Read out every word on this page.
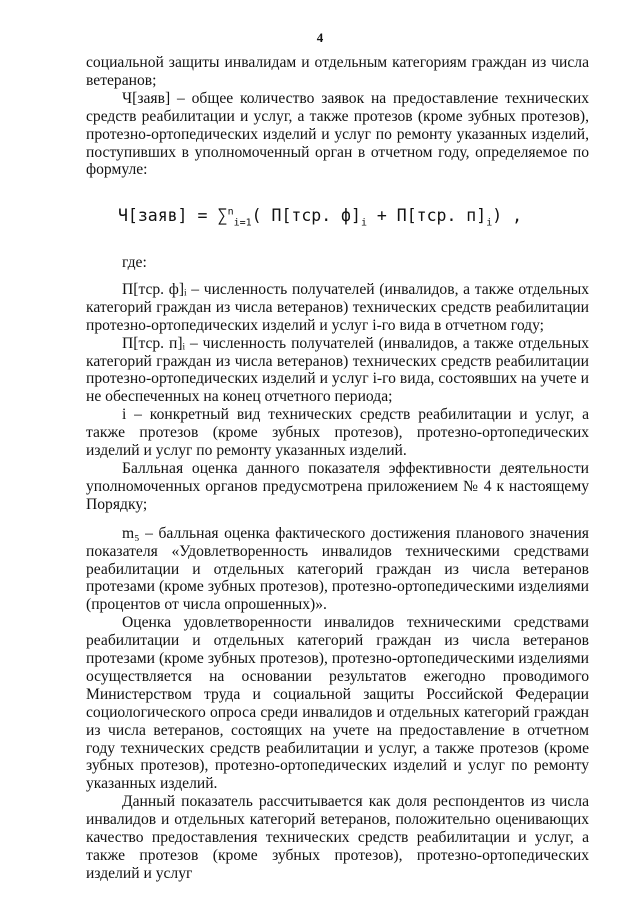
4

социальной защиты инвалидам и отдельным категориям граждан из числа ветеранов;

Ч[заяв] – общее количество заявок на предоставление технических средств реабилитации и услуг, а также протезов (кроме зубных протезов), протезно-ортопедических изделий и услуг по ремонту указанных изделий, поступивших в уполномоченный орган в отчетном году, определяемое по формуле:

Ч[заяв] = ∑$^n_{i=1}$( П[тср. $ф]_i + П[тср$. $п]_i$) ,

где:

П[тср. ф]ᵢ – численность получателей (инвалидов, а также отдельных категорий граждан из числа ветеранов) технических средств реабилитации протезно-ортопедических изделий и услуг i-го вида в отчетном году;

П[тср. п]ᵢ – численность получателей (инвалидов, а также отдельных категорий граждан из числа ветеранов) технических средств реабилитации протезно-ортопедических изделий и услуг i-го вида, состоявших на учете и не обеспеченных на конец отчетного периода;

i – конкретный вид технических средств реабилитации и услуг, а также протезов (кроме зубных протезов), протезно-ортопедических изделий и услуг по ремонту указанных изделий.

Балльная оценка данного показателя эффективности деятельности уполномоченных органов предусмотрена приложением № 4 к настоящему Порядку;

m₅ – балльная оценка фактического достижения планового значения показателя «Удовлетворенность инвалидов техническими средствами реабилитации и отдельных категорий граждан из числа ветеранов протезами (кроме зубных протезов), протезно-ортопедическими изделиями (процентов от числа опрошенных)».

Оценка удовлетворенности инвалидов техническими средствами реабилитации и отдельных категорий граждан из числа ветеранов протезами (кроме зубных протезов), протезно-ортопедическими изделиями осуществляется на основании результатов ежегодно проводимого Министерством труда и социальной защиты Российской Федерации социологического опроса среди инвалидов и отдельных категорий граждан из числа ветеранов, состоящих на учете на предоставление в отчетном году технических средств реабилитации и услуг, а также протезов (кроме зубных протезов), протезно-ортопедических изделий и услуг по ремонту указанных изделий.

Данный показатель рассчитывается как доля респондентов из числа инвалидов и отдельных категорий ветеранов, положительно оценивающих качество предоставления технических средств реабилитации и услуг, а также протезов (кроме зубных протезов), протезно-ортопедических изделий и услуг
